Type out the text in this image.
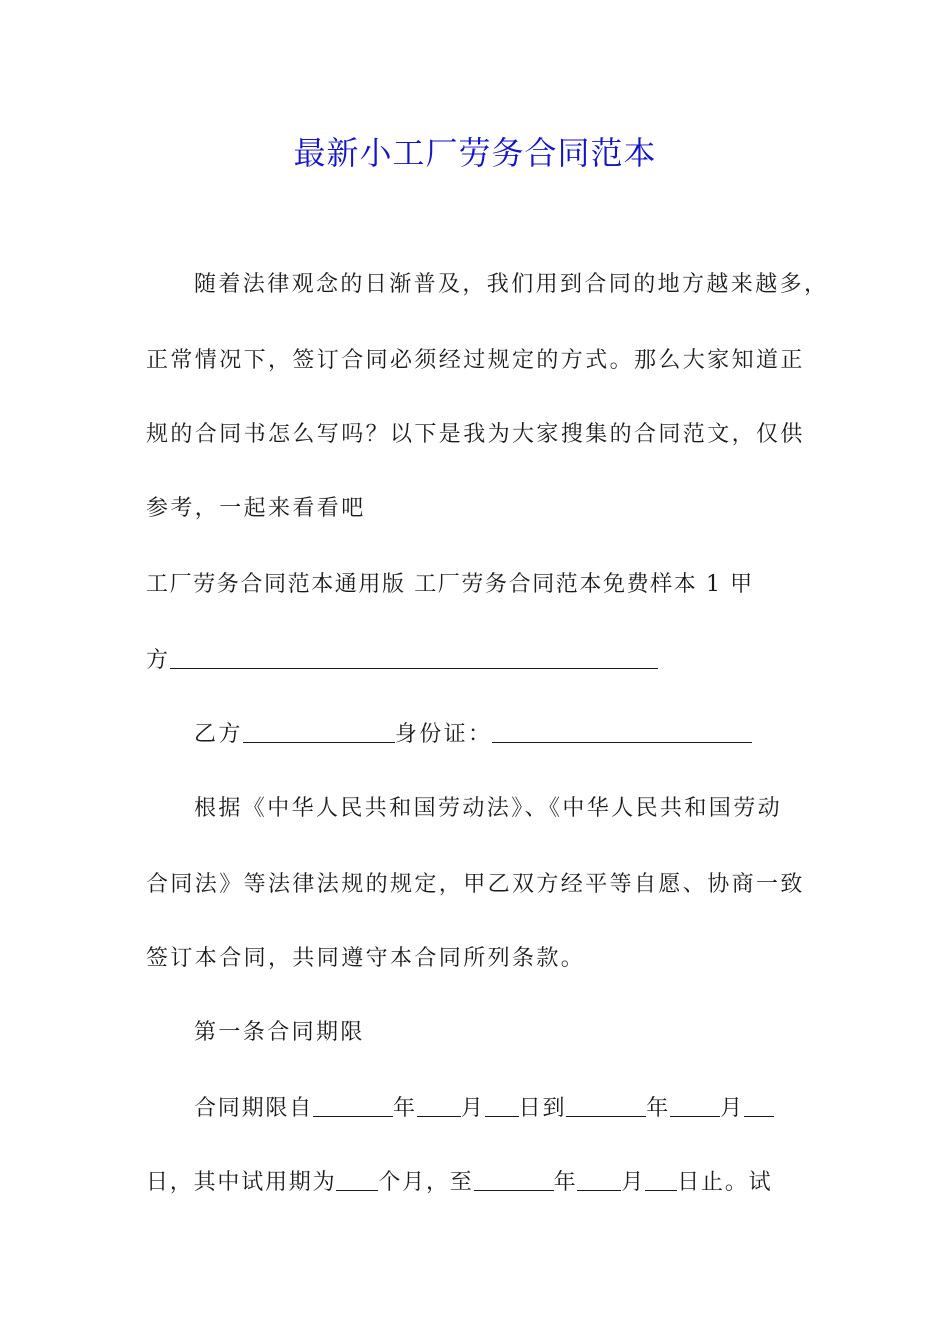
最新小工厂劳务合同范本
随着法律观念的日渐普及，我们用到合同的地方越来越多，
正常情况下，签订合同必须经过规定的方式。那么大家知道正
规的合同书怎么写吗？以下是我为大家搜集的合同范文，仅供
参考，一起来看看吧
工厂劳务合同范本通用版 工厂劳务合同范本免费样本 1 甲
方
乙方	身份证：
根据《中华人民共和国劳动法》、《中华人民共和国劳动
合同法》等法律法规的规定，甲乙双方经平等自愿、协商一致
签订本合同，共同遵守本合同所列条款。
第一条合同期限
合同期限自	年 月 日到	年 月
日，其中试用期为 个月，至	年 月 日止。试
